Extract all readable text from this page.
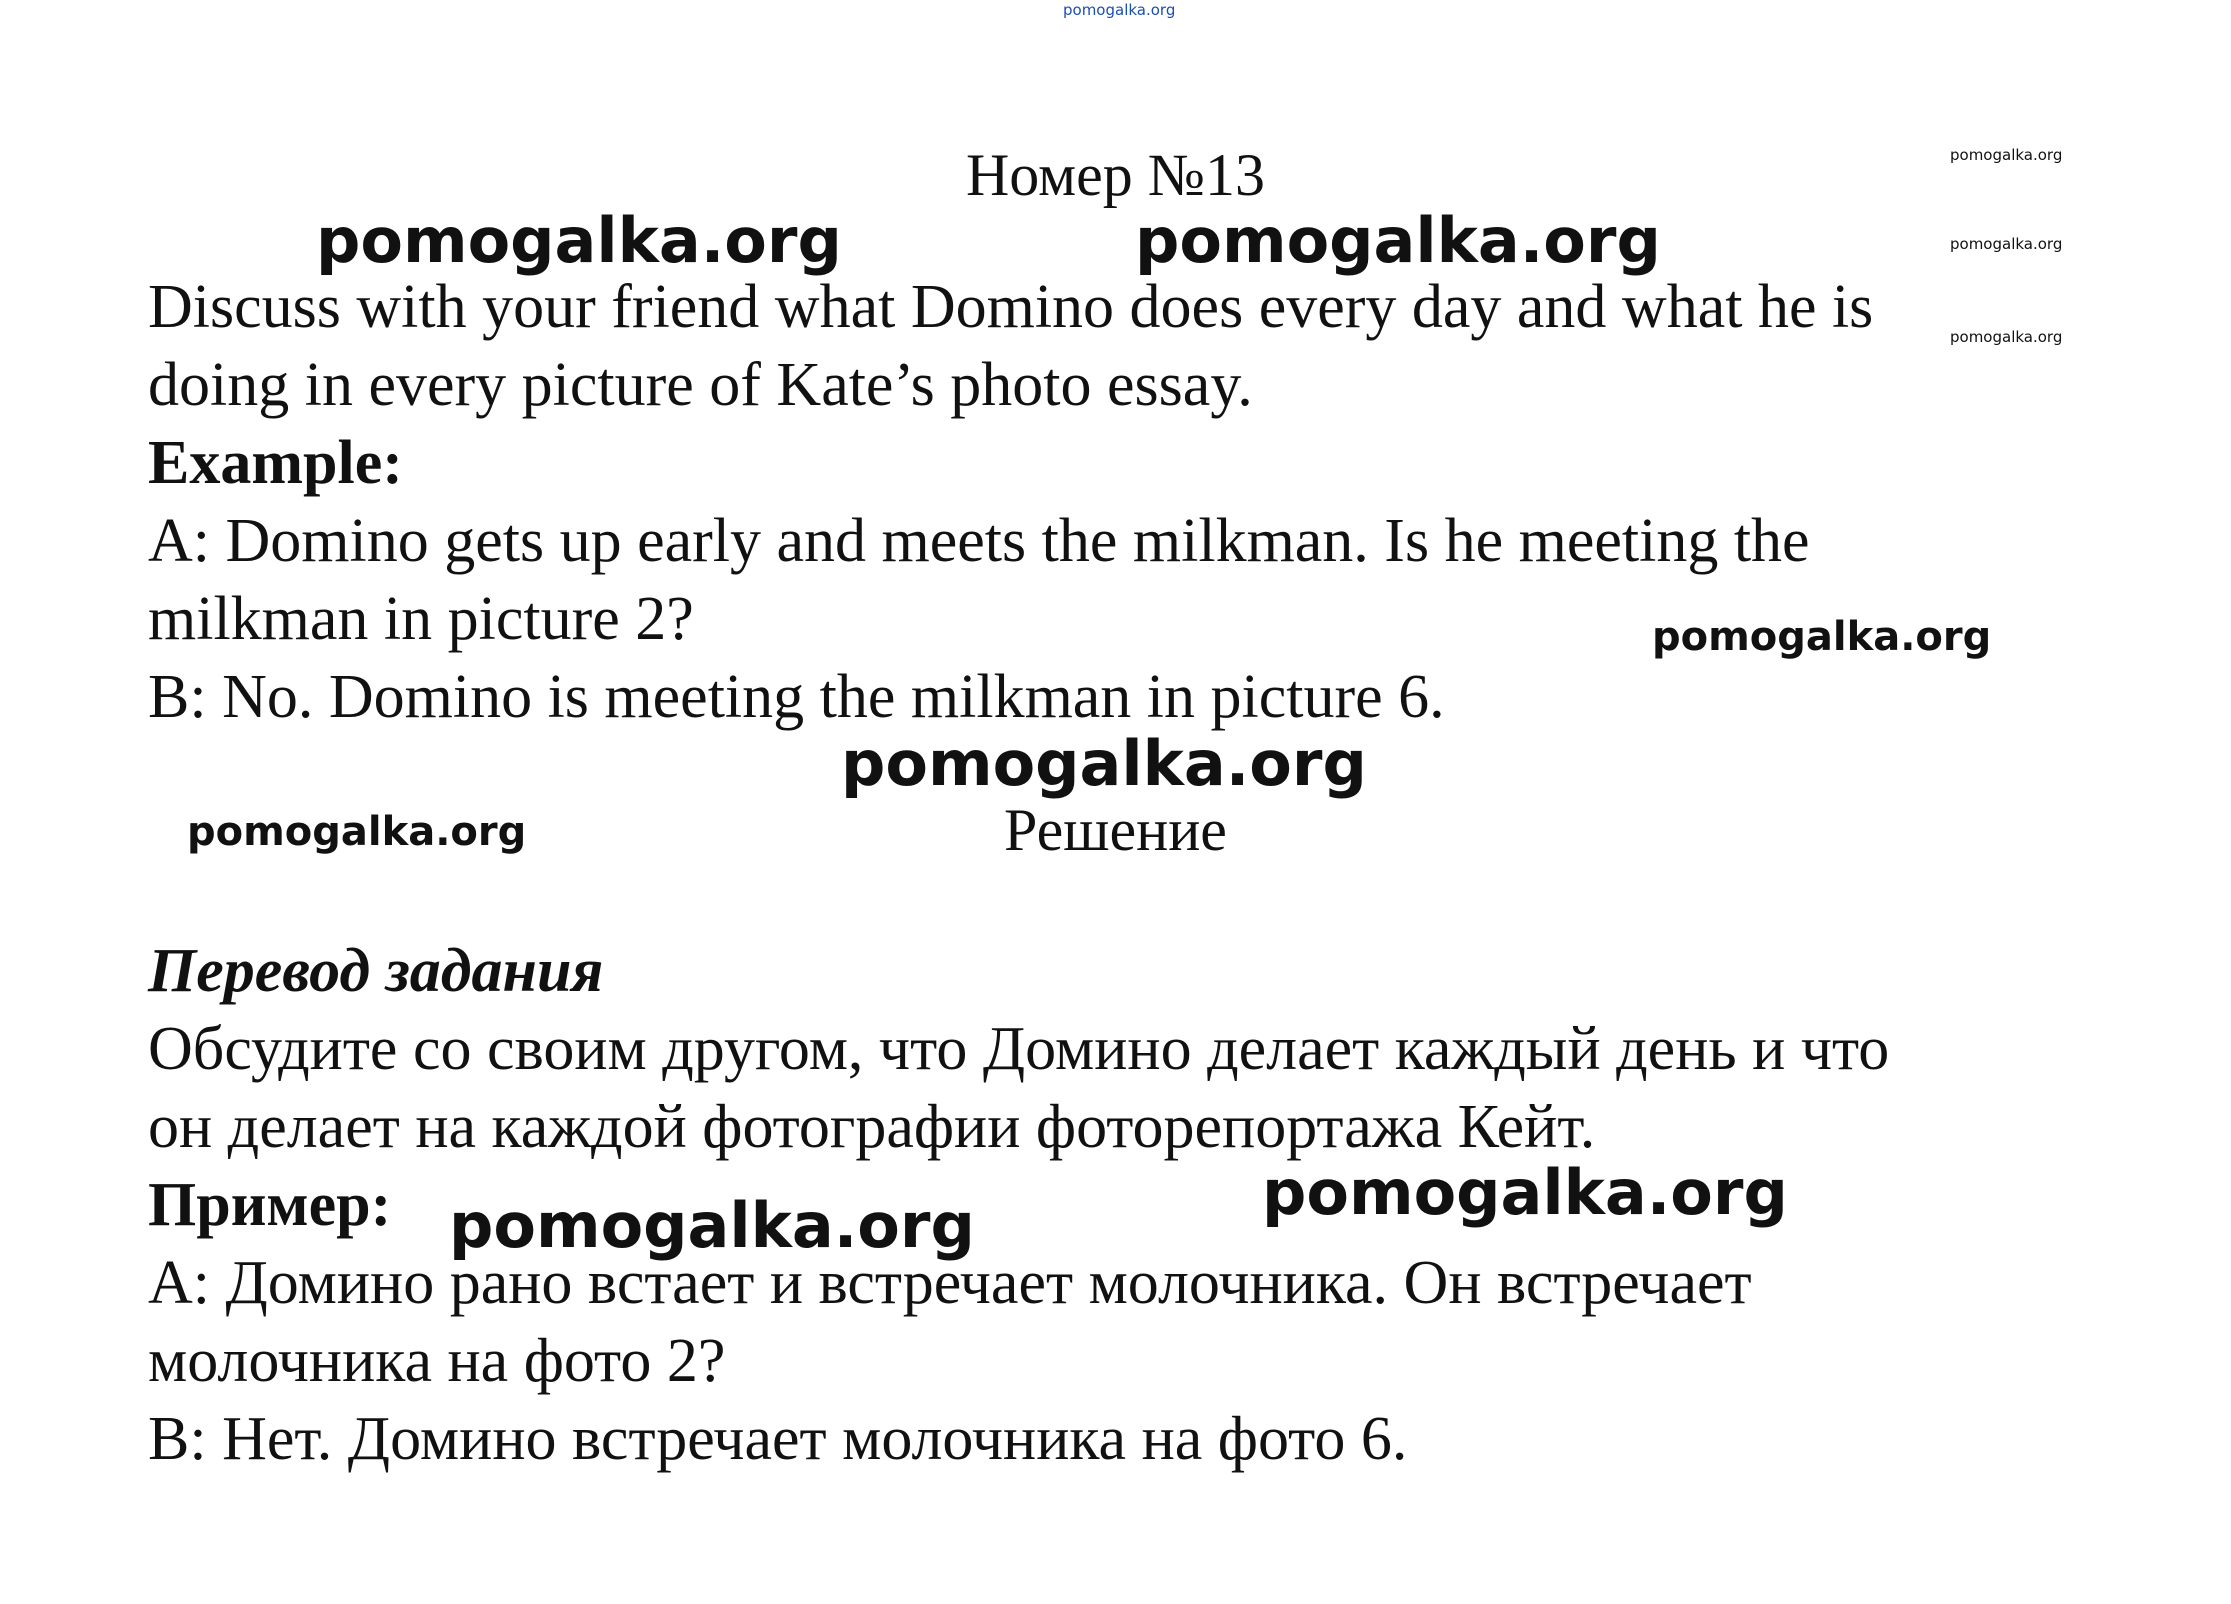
pomogalka.org
pomogalka.org
pomogalka.org
pomogalka.org
pomogalka.org	pomogalka.org
pomogalka.org
pomogalka.org
pomogalka.org
pomogalka.org
pomogalka.org
Номер №13
Discuss with your friend what Domino does every day and what he is
doing in every picture of Kate’s photo essay.
Example:
A: Domino gets up early and meets the milkman. Is he meeting the
milkman in picture 2?
B: No. Domino is meeting the milkman in picture 6.
Решение
Перевод задания
Обсудите со своим другом, что Домино делает каждый день и что
он делает на каждой фотографии фоторепортажа Кейт.
Пример:
A: Домино рано встает и встречает молочника. Он встречает
молочника на фото 2?
B: Нет. Домино встречает молочника на фото 6.
